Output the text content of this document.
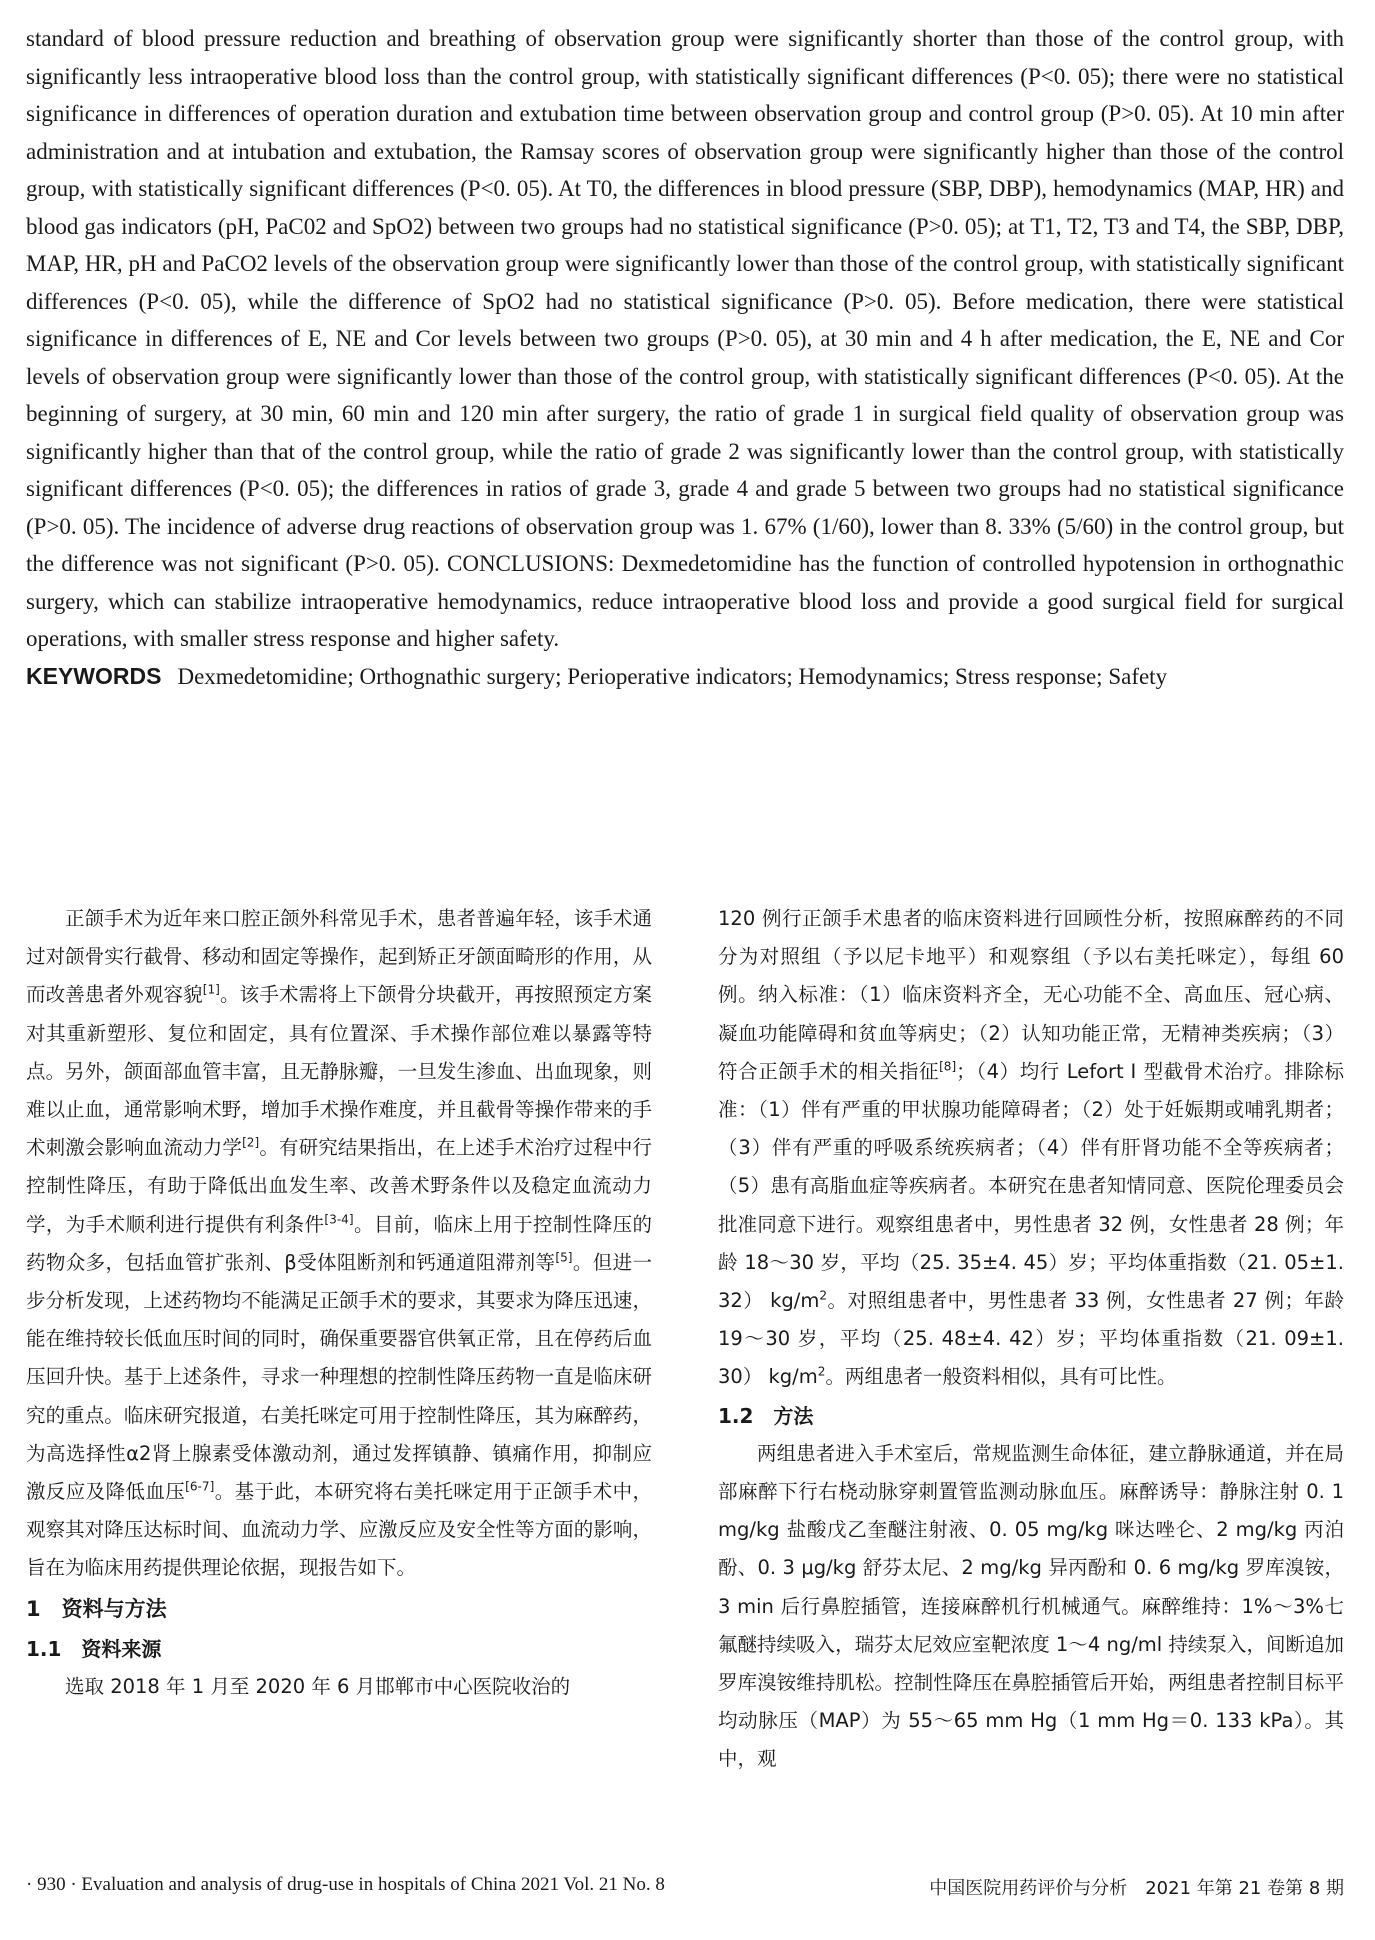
standard of blood pressure reduction and breathing of observation group were significantly shorter than those of the control group, with significantly less intraoperative blood loss than the control group, with statistically significant differences (P<0. 05); there were no statistical significance in differences of operation duration and extubation time between observation group and control group (P>0. 05). At 10 min after administration and at intubation and extubation, the Ramsay scores of observation group were significantly higher than those of the control group, with statistically significant differences (P<0. 05). At T0, the differences in blood pressure (SBP, DBP), hemodynamics (MAP, HR) and blood gas indicators (pH, PaC02 and SpO2) between two groups had no statistical significance (P>0. 05); at T1, T2, T3 and T4, the SBP, DBP, MAP, HR, pH and PaCO2 levels of the observation group were significantly lower than those of the control group, with statistically significant differences (P<0. 05), while the difference of SpO2 had no statistical significance (P>0. 05). Before medication, there were statistical significance in differences of E, NE and Cor levels between two groups (P>0. 05), at 30 min and 4 h after medication, the E, NE and Cor levels of observation group were significantly lower than those of the control group, with statistically significant differences (P<0. 05). At the beginning of surgery, at 30 min, 60 min and 120 min after surgery, the ratio of grade 1 in surgical field quality of observation group was significantly higher than that of the control group, while the ratio of grade 2 was significantly lower than the control group, with statistically significant differences (P<0. 05); the differences in ratios of grade 3, grade 4 and grade 5 between two groups had no statistical significance (P>0. 05). The incidence of adverse drug reactions of observation group was 1. 67% (1/60), lower than 8. 33% (5/60) in the control group, but the difference was not significant (P>0. 05). CONCLUSIONS: Dexmedetomidine has the function of controlled hypotension in orthognathic surgery, which can stabilize intraoperative hemodynamics, reduce intraoperative blood loss and provide a good surgical field for surgical operations, with smaller stress response and higher safety.
KEYWORDS Dexmedetomidine; Orthognathic surgery; Perioperative indicators; Hemodynamics; Stress response; Safety

正颌手术为近年来口腔正颌外科常见手术，患者普遍年轻，该手术通过对颌骨实行截骨、移动和固定等操作，起到矫正牙颌面畸形的作用，从而改善患者外观容貌[1]。该手术需将上下颌骨分块截开，再按照预定方案对其重新塑形、复位和固定，具有位置深、手术操作部位难以暴露等特点。另外，颌面部血管丰富，且无静脉瓣，一旦发生渗血、出血现象，则难以止血，通常影响术野，增加手术操作难度，并且截骨等操作带来的手术刺激会影响血流动力学[2]。有研究结果指出，在上述手术治疗过程中行控制性降压，有助于降低出血发生率、改善术野条件以及稳定血流动力学，为手术顺利进行提供有利条件[3-4]。目前，临床上用于控制性降压的药物众多，包括血管扩张剂、β受体阻断剂和钙通道阻滞剂等[5]。但进一步分析发现，上述药物均不能满足正颌手术的要求，其要求为降压迅速，能在维持较长低血压时间的同时，确保重要器官供氧正常，且在停药后血压回升快。基于上述条件，寻求一种理想的控制性降压药物一直是临床研究的重点。临床研究报道，右美托咪定可用于控制性降压，其为麻醉药，为高选择性α2肾上腺素受体激动剂，通过发挥镇静、镇痛作用，抑制应激反应及降低血压[6-7]。基于此，本研究将右美托咪定用于正颌手术中，观察其对降压达标时间、血流动力学、应激反应及安全性等方面的影响，旨在为临床用药提供理论依据，现报告如下。

1　资料与方法
1.1　资料来源

选取 2018 年 1 月至 2020 年 6 月邯郸市中心医院收治的

120 例行正颌手术患者的临床资料进行回顾性分析，按照麻醉药的不同分为对照组（予以尼卡地平）和观察组（予以右美托咪定），每组 60 例。纳入标准：（1）临床资料齐全，无心功能不全、高血压、冠心病、凝血功能障碍和贫血等病史；（2）认知功能正常，无精神类疾病；（3）符合正颌手术的相关指征[8]；（4）均行 Lefort Ⅰ 型截骨术治疗。排除标准：（1）伴有严重的甲状腺功能障碍者；（2）处于妊娠期或哺乳期者；（3）伴有严重的呼吸系统疾病者；（4）伴有肝肾功能不全等疾病者；（5）患有高脂血症等疾病者。本研究在患者知情同意、医院伦理委员会批准同意下进行。观察组患者中，男性患者 32 例，女性患者 28 例；年龄 18～30 岁，平均（25. 35±4. 45）岁；平均体重指数（21. 05±1. 32） $kg/m^2$。对照组患者中，男性患者 33 例，女性患者 27 例；年龄 19～30 岁，平均（25. 48±4. 42）岁；平均体重指数（21. 09±1. 30） $kg/m^2$。两组患者一般资料相似，具有可比性。

1.2　方法

两组患者进入手术室后，常规监测生命体征，建立静脉通道，并在局部麻醉下行右桡动脉穿刺置管监测动脉血压。麻醉诱导：静脉注射 0. 1 mg/kg 盐酸戊乙奎醚注射液、0. 05 mg/kg 咪达唑仑、2 mg/kg 丙泊酚、0. 3 μg/kg 舒芬太尼、2 mg/kg 异丙酚和 0. 6 mg/kg 罗库溴铵，3 min 后行鼻腔插管，连接麻醉机行机械通气。麻醉维持：1%～3%七氟醚持续吸入，瑞芬太尼效应室靶浓度 1～4 ng/ml 持续泵入，间断追加罗库溴铵维持肌松。控制性降压在鼻腔插管后开始，两组患者控制目标平均动脉压（MAP）为 55～65 mm Hg（1 mm Hg＝0. 133 kPa）。其中，观

· 930 · Evaluation and analysis of drug-use in hospitals of China 2021 Vol. 21 No. 8	中国医院用药评价与分析　2021 年第 21 卷第 8 期
